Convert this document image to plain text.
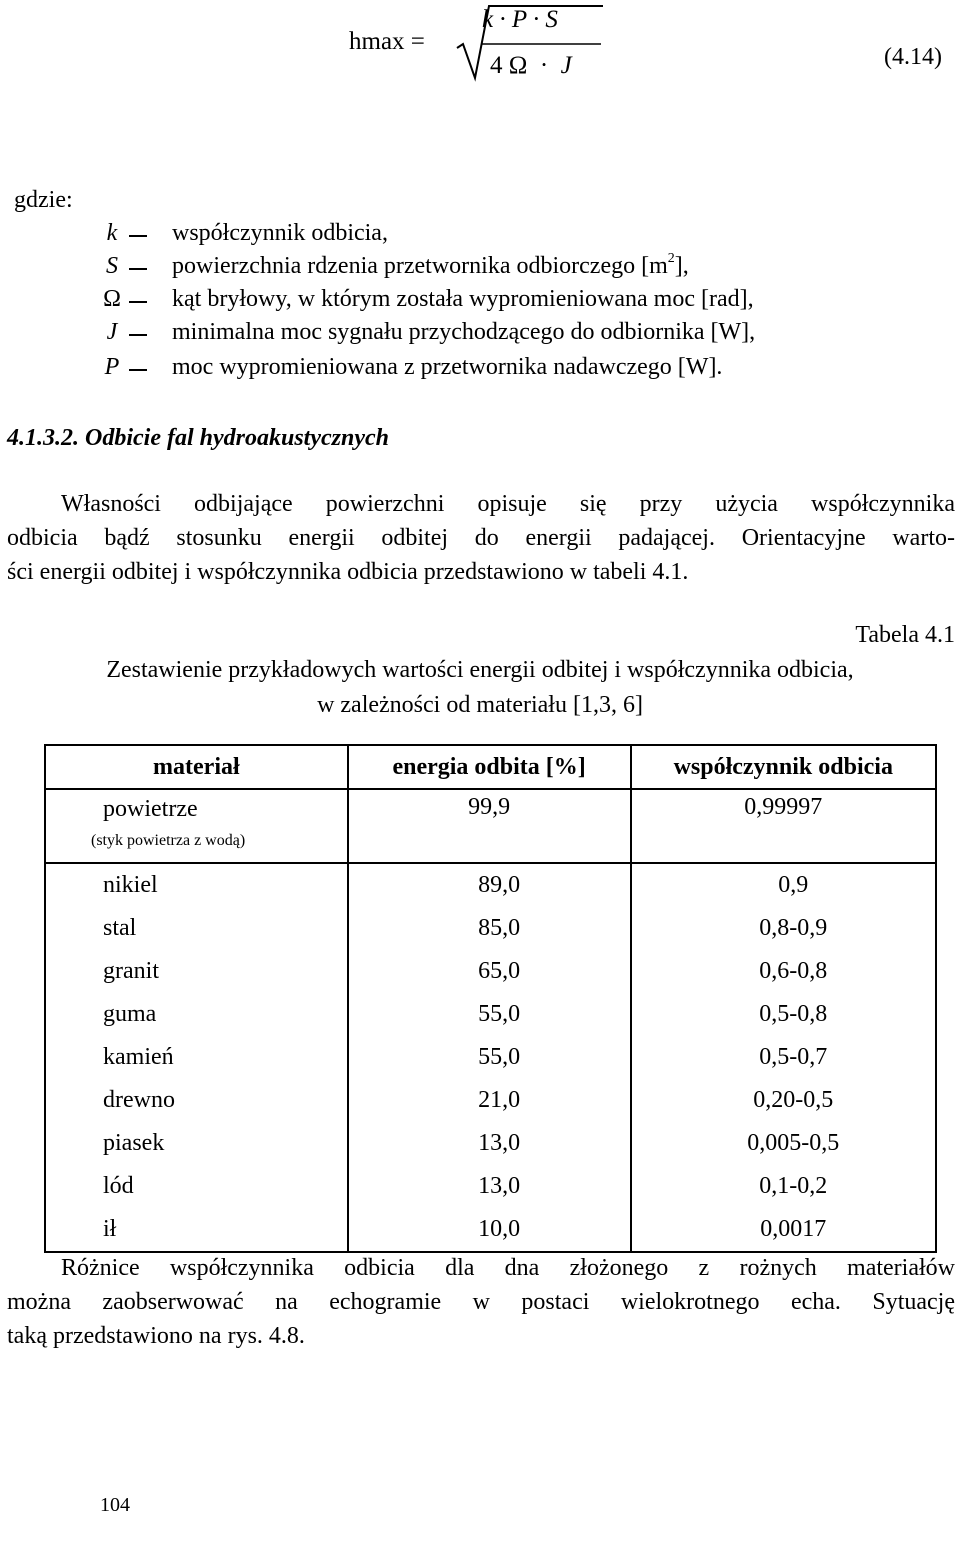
hmax =
k · P · S
4 Ω · J	(4.14)
gdzie:
k	współczynnik odbicia,
S	powierzchnia rdzenia przetwornika odbiorczego $[m^2]$,
Ω kąt bryłowy, w którym została wypromieniowana moc [rad],
J	minimalna moc sygnału przychodzącego do odbiornika [W],
P	moc wypromieniowana z przetwornika nadawczego [W].
4.1.3.2. Odbicie fal hydroakustycznych
Własności odbijające powierzchni opisuje się przy użycia współczynnika
odbicia bądź stosunku energii odbitej do energii padającej. Orientacyjne warto-
ści energii odbitej i współczynnika odbicia przedstawiono w tabeli 4.1.
Tabela 4.1
Zestawienie przykładowych wartości energii odbitej i współczynnika odbicia,
w zależności od materiału [1,3, 6]
materiał	energia odbita [%]	współczynnik odbicia

powietrze
(styk powietrza z wodą)	99,9	0,99997

nikiel	89,0	0,9
stal	85,0	0,8-0,9
granit	65,0	0,6-0,8
guma	55,0	0,5-0,8
kamień	55,0	0,5-0,7
drewno	21,0	0,20-0,5
piasek	13,0	0,005-0,5
lód	13,0	0,1-0,2
ił	10,0	0,0017
Różnice współczynnika odbicia dla dna złożonego z rożnych materiałów
można zaobserwować na echogramie w postaci wielokrotnego echa. Sytuację
taką przedstawiono na rys. 4.8.
104
